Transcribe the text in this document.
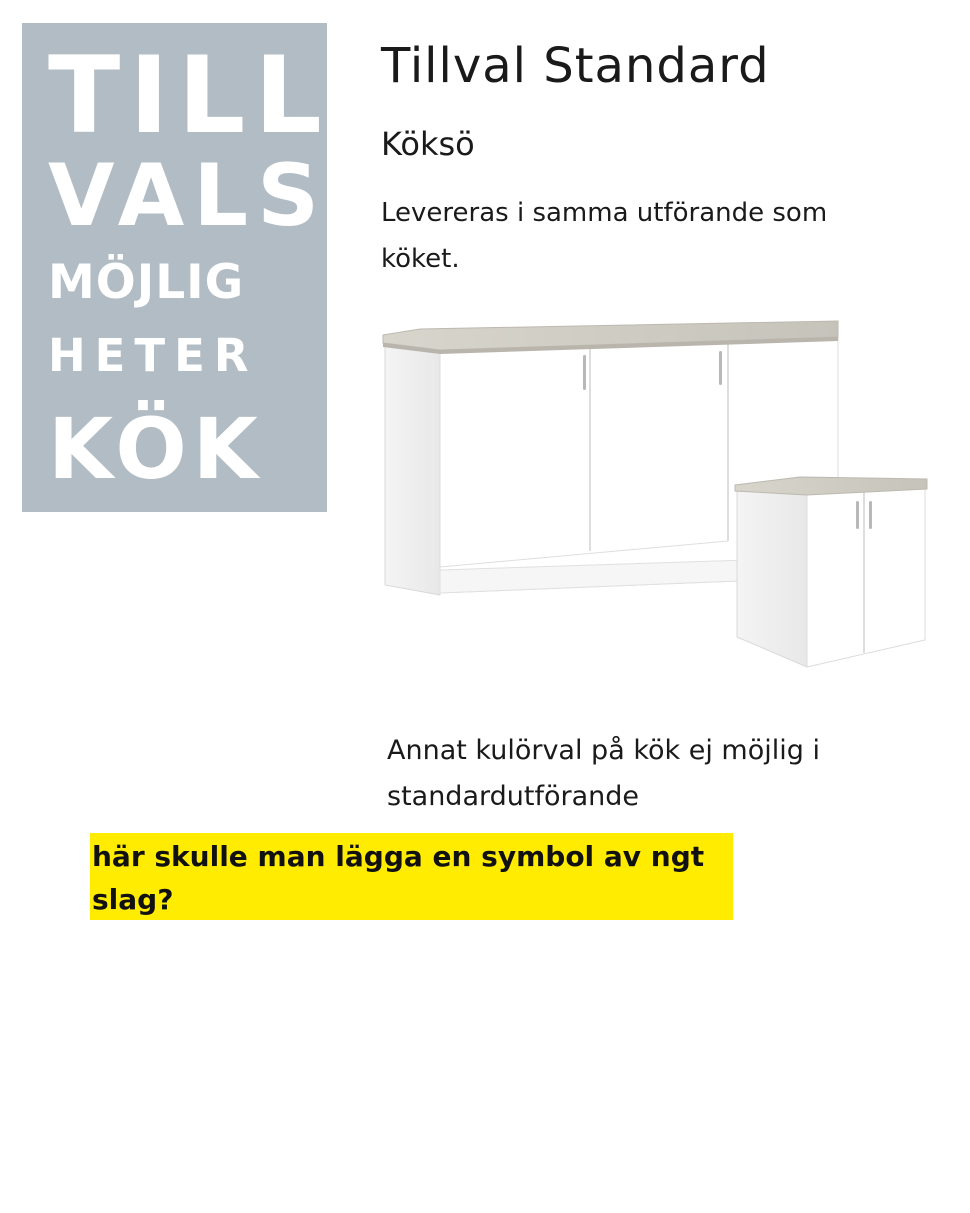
TILL
VALS
MÖJLIG
HETER
KÖK
Tillval Standard
Köksö

Levereras i samma utförande som köket.

Annat kulörval på kök ej möjlig i standardutförande

här skulle man lägga en symbol av ngt slag?
